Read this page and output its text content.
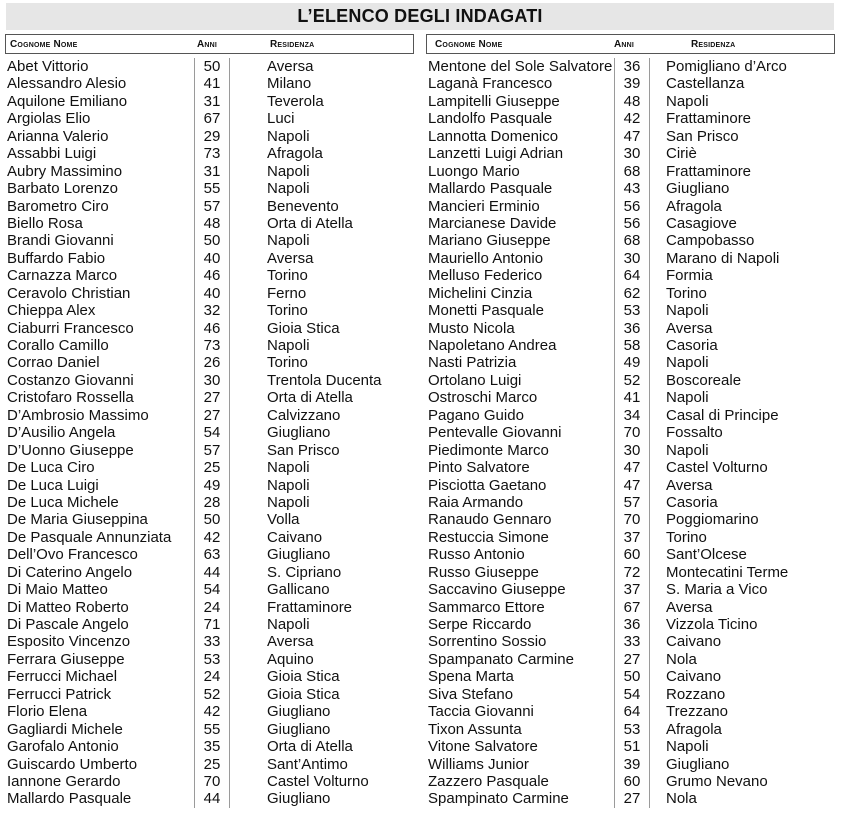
L’ELENCO DEGLI INDAGATI
Cognome Nome	Anni	Residenza
Abet Vittorio	50	Aversa
Alessandro Alesio	41	Milano
Aquilone Emiliano	31	Teverola
Argiolas Elio	67	Luci
Arianna Valerio	29	Napoli
Assabbi Luigi	73	Afragola
Aubry Massimino	31	Napoli
Barbato Lorenzo	55	Napoli
Barometro Ciro	57	Benevento
Biello Rosa	48	Orta di Atella
Brandi Giovanni	50	Napoli
Buffardo Fabio	40	Aversa
Carnazza Marco	46	Torino
Ceravolo Christian	40	Ferno
Chieppa Alex	32	Torino
Ciaburri Francesco	46	Gioia Stica
Corallo Camillo	73	Napoli
Corrao Daniel	26	Torino
Costanzo Giovanni	30	Trentola Ducenta
Cristofaro Rossella	27	Orta di Atella
D’Ambrosio Massimo	27	Calvizzano
D’Ausilio Angela	54	Giugliano
D’Uonno Giuseppe	57	San Prisco
De Luca Ciro	25	Napoli
De Luca Luigi	49	Napoli
De Luca Michele	28	Napoli
De Maria Giuseppina	50	Volla
De Pasquale Annunziata	42	Caivano
Dell’Ovo Francesco	63	Giugliano
Di Caterino Angelo	44	S. Cipriano
Di Maio Matteo	54	Gallicano
Di Matteo Roberto	24	Frattaminore
Di Pascale Angelo	71	Napoli
Esposito Vincenzo	33	Aversa
Ferrara Giuseppe	53	Aquino
Ferrucci Michael	24	Gioia Stica
Ferrucci Patrick	52	Gioia Stica
Florio Elena	42	Giugliano
Gagliardi Michele	55	Giugliano
Garofalo Antonio	35	Orta di Atella
Guiscardo Umberto	25	Sant’Antimo
Iannone Gerardo	70	Castel Volturno
Mallardo Pasquale	44	Giugliano
Cognome Nome	Anni	Residenza
Mentone del Sole Salvatore 36	Pomigliano d’Arco
Laganà Francesco	39	Castellanza
Lampitelli Giuseppe	48	Napoli
Landolfo Pasquale	42	Frattaminore
Lannotta Domenico	47	San Prisco
Lanzetti Luigi Adrian	30	Ciriè
Luongo Mario	68	Frattaminore
Mallardo Pasquale	43	Giugliano
Mancieri Erminio	56	Afragola
Marcianese Davide	56	Casagiove
Mariano Giuseppe	68	Campobasso
Mauriello Antonio	30	Marano di Napoli
Melluso Federico	64	Formia
Michelini Cinzia	62	Torino
Monetti Pasquale	53	Napoli
Musto Nicola	36	Aversa
Napoletano Andrea	58	Casoria
Nasti Patrizia	49	Napoli
Ortolano Luigi	52	Boscoreale
Ostroschi Marco	41	Napoli
Pagano Guido	34	Casal di Principe
Pentevalle Giovanni	70	Fossalto
Piedimonte Marco	30	Napoli
Pinto Salvatore	47	Castel Volturno
Pisciotta Gaetano	47	Aversa
Raia Armando	57	Casoria
Ranaudo Gennaro	70	Poggiomarino
Restuccia Simone	37	Torino
Russo Antonio	60	Sant’Olcese
Russo Giuseppe	72	Montecatini Terme
Saccavino Giuseppe	37	S. Maria a Vico
Sammarco Ettore	67	Aversa
Serpe Riccardo	36	Vizzola Ticino
Sorrentino Sossio	33	Caivano
Spampanato Carmine	27	Nola
Spena Marta	50	Caivano
Siva Stefano	54	Rozzano
Taccia Giovanni	64	Trezzano
Tixon Assunta	53	Afragola
Vitone Salvatore	51	Napoli
Williams Junior	39	Giugliano
Zazzero Pasquale	60	Grumo Nevano
Spampinato Carmine	27	Nola
